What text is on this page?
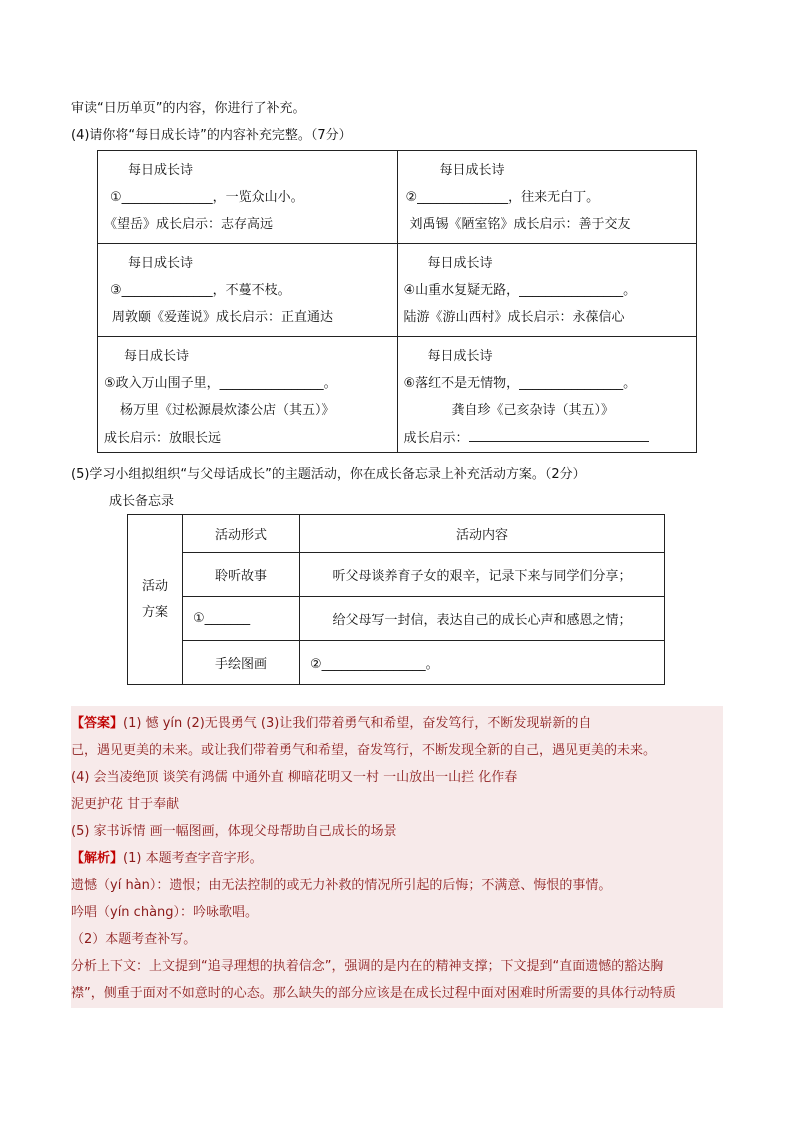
审读“日历单页”的内容，你进行了补充。
(4)请你将“每日成长诗”的内容补充完整。（7分）
每日成长诗
①______________，一览众山小。
《望岳》成长启示：志存高远	每日成长诗
②______________，往来无白丁。
刘禹锡《陋室铭》成长启示：善于交友

每日成长诗
③______________，不蔓不枝。
周敦颐《爱莲说》成长启示：正直通达	每日成长诗
④山重水复疑无路，________________。
陆游《游山西村》成长启示：永葆信心

每日成长诗
⑤政入万山围子里，________________。
杨万里《过松源晨炊漆公店（其五）》
成长启示：放眼长远	每日成长诗
⑥落红不是无情物，________________。
龚自珍《己亥杂诗（其五）》
成长启示：
(5)学习小组拟组织“与父母话成长”的主题活动，你在成长备忘录上补充活动方案。（2分）
成长备忘录
活动方案	活动形式	活动内容
	聆听故事	听父母谈养育子女的艰辛，记录下来与同学们分享；
	①_______	给父母写一封信，表达自己的成长心声和感恩之情；
	手绘图画	②________________。
【答案】(1) 憾 yín (2)无畏勇气 (3)让我们带着勇气和希望，奋发笃行，不断发现崭新的自
己，遇见更美的未来。或让我们带着勇气和希望，奋发笃行，不断发现全新的自己，遇见更美的未来。
(4) 会当凌绝顶 谈笑有鸿儒 中通外直 柳暗花明又一村 一山放出一山拦 化作春
泥更护花 甘于奉献
(5) 家书诉情 画一幅图画，体现父母帮助自己成长的场景
【解析】(1) 本题考查字音字形。
遗憾（yí hàn）：遗恨；由无法控制的或无力补救的情况所引起的后悔；不满意、悔恨的事情。
吟唱（yín chàng）：吟咏歌唱。
（2）本题考查补写。
分析上下文：上文提到“追寻理想的执着信念”，强调的是内在的精神支撑；下文提到“直面遗憾的豁达胸
襟”，侧重于面对不如意时的心态。那么缺失的部分应该是在成长过程中面对困难时所需要的具体行动特质
